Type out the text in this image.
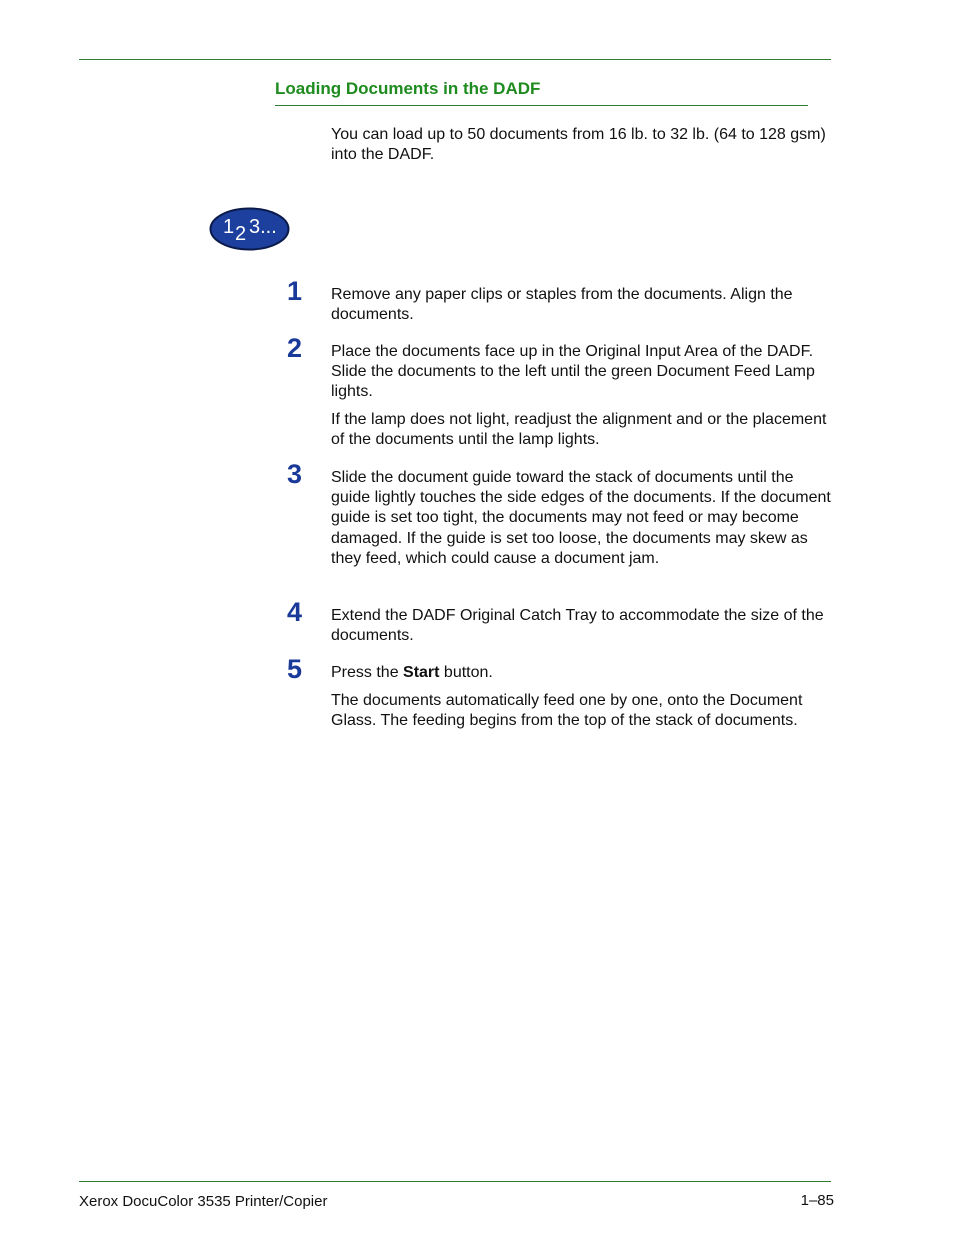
Loading Documents in the DADF

You can load up to 50 documents from 16 lb. to 32 lb. (64 to 128 gsm) into the DADF.

1 2 3...
1 Remove any paper clips or staples from the documents. Align the documents.

2 Place the documents face up in the Original Input Area of the DADF. Slide the documents to the left until the green Document Feed Lamp lights.

If the lamp does not light, readjust the alignment and or the placement of the documents until the lamp lights.

3 Slide the document guide toward the stack of documents until the guide lightly touches the side edges of the documents. If the document guide is set too tight, the documents may not feed or may become damaged. If the guide is set too loose, the documents may skew as they feed, which could cause a document jam.

4 Extend the DADF Original Catch Tray to accommodate the size of the documents.

5 Press the Start button.

The documents automatically feed one by one, onto the Document Glass. The feeding begins from the top of the stack of documents.

Xerox DocuColor 3535 Printer/Copier	1–85
